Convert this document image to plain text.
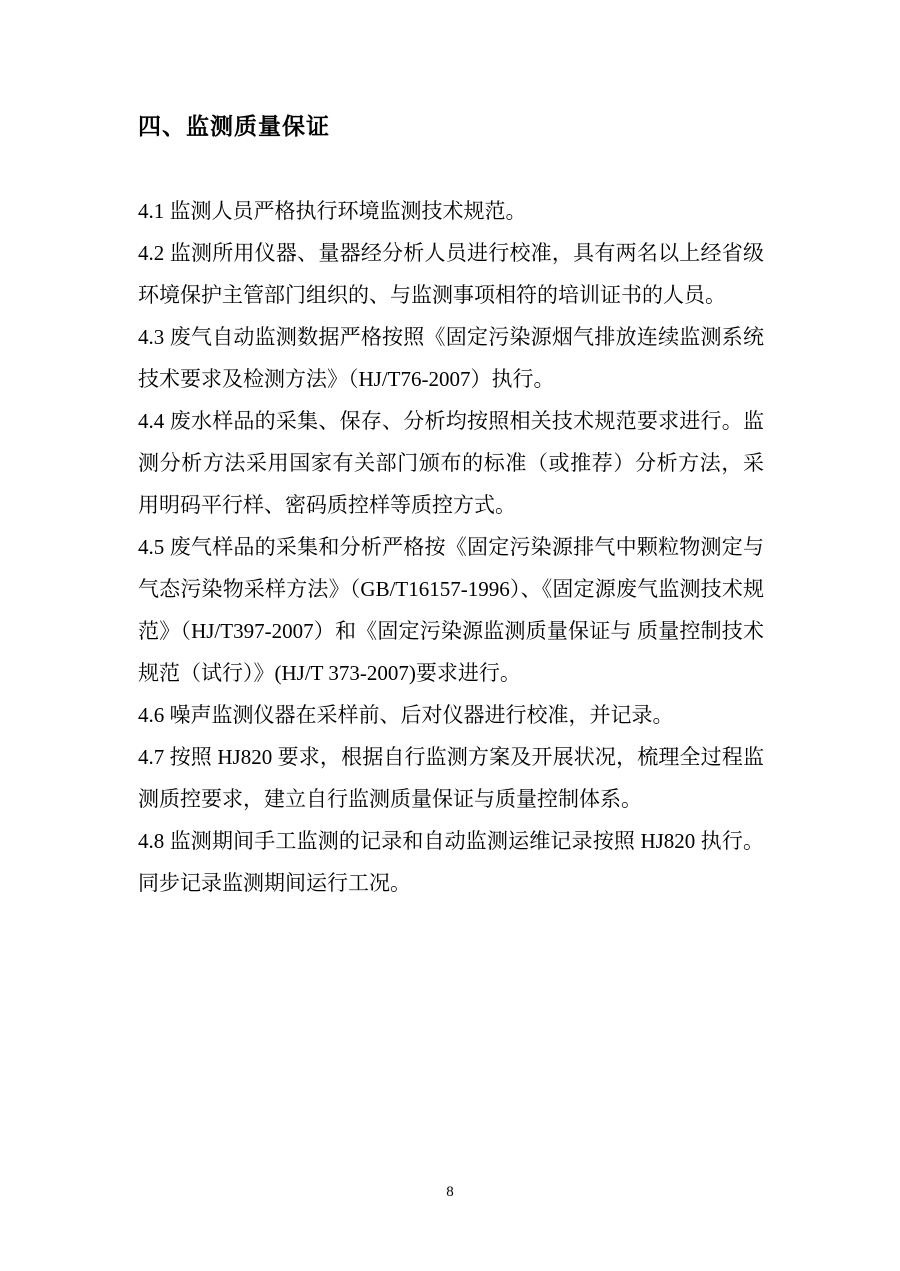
四、监测质量保证

4.1 监测人员严格执行环境监测技术规范。

4.2 监测所用仪器、量器经分析人员进行校准，具有两名以上经省级环境保护主管部门组织的、与监测事项相符的培训证书的人员。

4.3 废气自动监测数据严格按照《固定污染源烟气排放连续监测系统技术要求及检测方法》（HJ/T76-2007）执行。

4.4 废水样品的采集、保存、分析均按照相关技术规范要求进行。监测分析方法采用国家有关部门颁布的标准（或推荐）分析方法，采用明码平行样、密码质控样等质控方式。

4.5 废气样品的采集和分析严格按《固定污染源排气中颗粒物测定与气态污染物采样方法》（GB/T16157-1996）、《固定源废气监测技术规范》（HJ/T397-2007）和《固定污染源监测质量保证与 质量控制技术规范（试行）》(HJ/T 373-2007)要求进行。

4.6 噪声监测仪器在采样前、后对仪器进行校准，并记录。

4.7 按照 HJ820 要求，根据自行监测方案及开展状况，梳理全过程监测质控要求，建立自行监测质量保证与质量控制体系。

4.8 监测期间手工监测的记录和自动监测运维记录按照 HJ820 执行。同步记录监测期间运行工况。

8
